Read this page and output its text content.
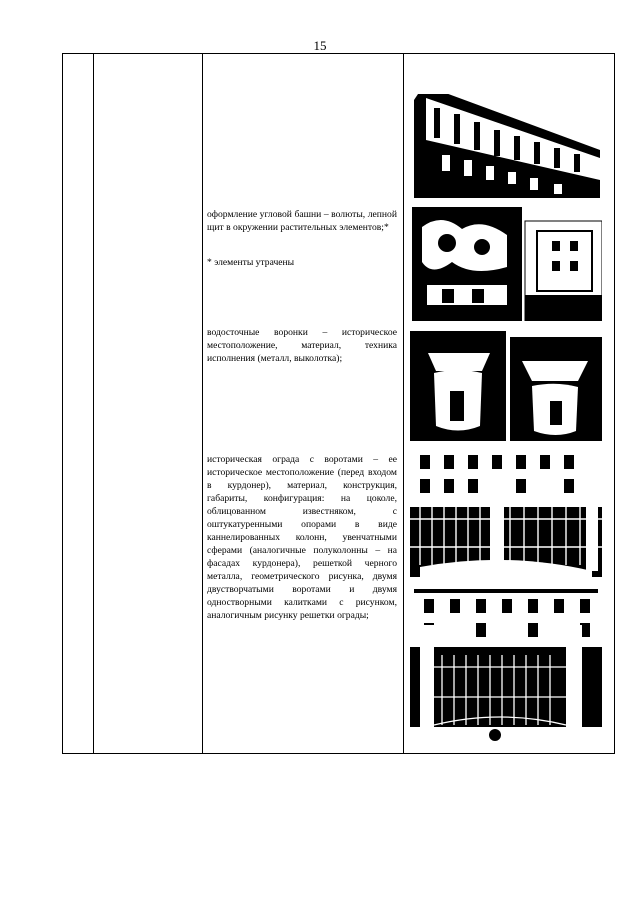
15

оформление угловой башни – волюты, лепной щит в окружении растительных элементов;*
* элементы утрачены
водосточные воронки – историческое местоположение, материал, техника исполнения (металл, выколотка);
историческая ограда с воротами – ее историческое местоположение (перед входом в курдонер), материал, конструкция, габариты, конфигурация: на цоколе, облицованном известняком, с оштукатуренными опорами в виде каннелированных колонн, увенчатными сферами (аналогичные полуколонны – на фасадах курдонера), решеткой черного металла, геометрического рисунка, двумя двустворчатыми воротами и двумя одностворными калитками с рисунком, аналогичным рисунку решетки ограды;
